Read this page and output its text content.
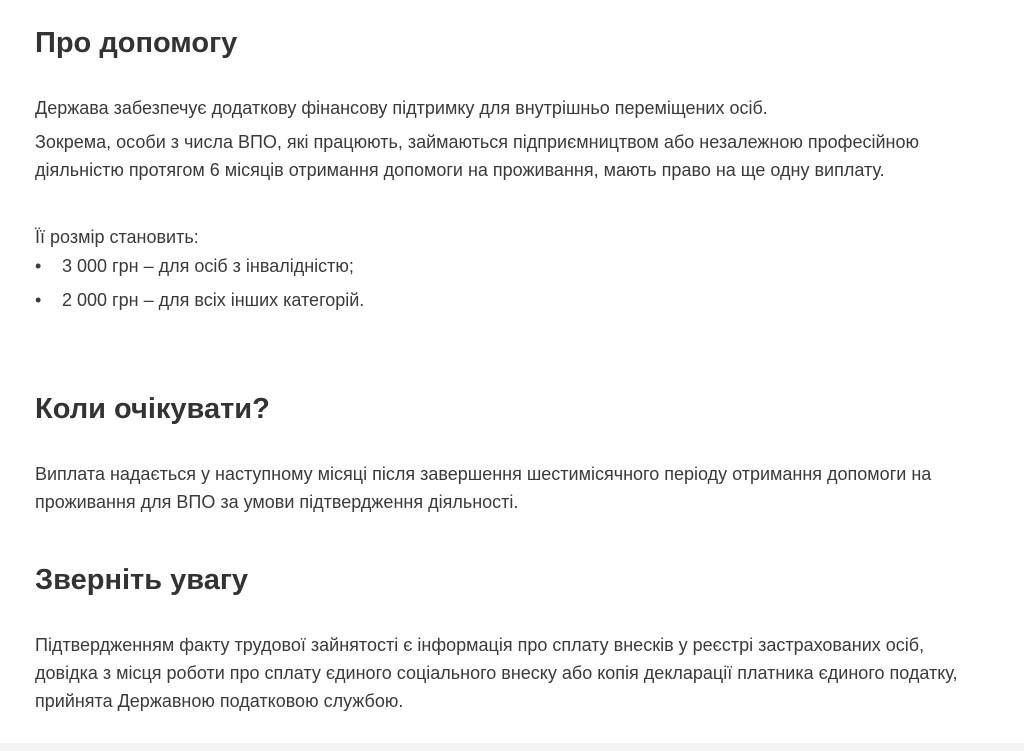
Про допомогу

Держава забезпечує додаткову фінансову підтримку для внутрішньо переміщених осіб.

Зокрема, особи з числа ВПО, які працюють, займаються підприємництвом або незалежною професійною діяльністю протягом 6 місяців отримання допомоги на проживання, мають право на ще одну виплату.

Її розмір становить:

• 3 000 грн – для осіб з інвалідністю;
• 2 000 грн – для всіх інших категорій.
Коли очікувати?

Виплата надається у наступному місяці після завершення шестимісячного періоду отримання допомоги на проживання для ВПО за умови підтвердження діяльності.

Зверніть увагу

Підтвердженням факту трудової зайнятості є інформація про сплату внесків у реєстрі застрахованих осіб, довідка з місця роботи про сплату єдиного соціального внеску або копія декларації платника єдиного податку, прийнята Державною податковою службою.
